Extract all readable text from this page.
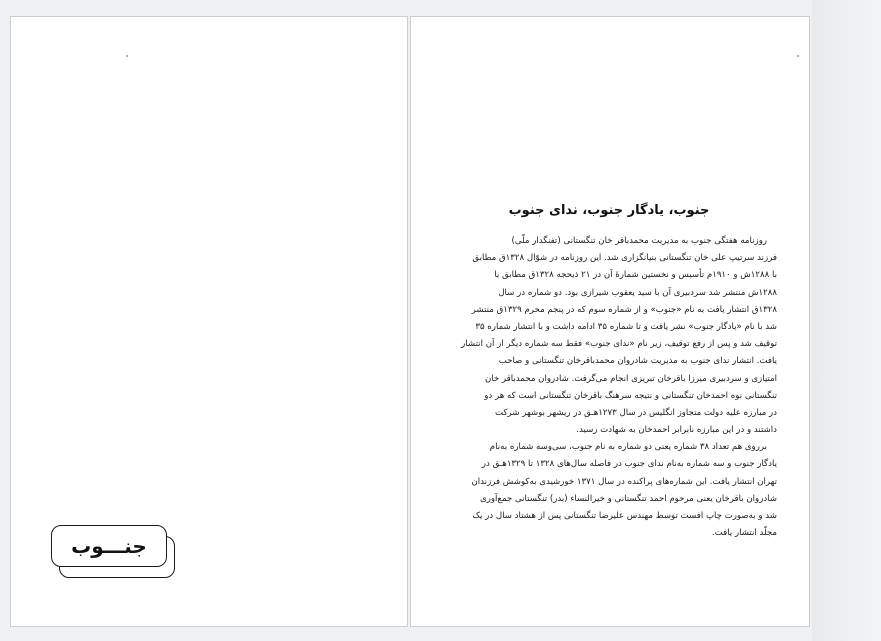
جنـــوب
جنوب، یادگار جنوب، ندای جنوب
روزنامه هفتگی جنوب به مدیریت محمدباقر خان تنگستانی (تفنگدار ملّی)
فرزند سرتیپ علی خان تنگستانی بنیانگزاری شد. این روزنامه در شوّال ۱۳۲۸ق مطابق
با ۱۲۸۸ش و ۱۹۱۰م تأسیس و نخستین شمارهٔ آن در ۲۱ ذیحجه ۱۳۲۸ق مطابق با
۱۲۸۸ش منتشر شد سردبیری آن با سید یعقوب شیرازی بود. دو شماره در سال
۱۳۲۸ق انتشار یافت به نام «جنوب» و از شماره سوم که در پنجم محرم ۱۳۲۹ق منتشر
شد با نام «یادگار جنوب» نشر یافت و تا شماره ۳۵ ادامه داشت و با انتشار شماره ۳۵
توقیف شد و پس از رفع توقیف، زیر نام «ندای جنوب» فقط سه شماره دیگر از آن انتشار
یافت. انتشار ندای جنوب به مدیریت شادروان محمدباقرخان تنگستانی و صاحب
امتیازی و سردبیری میرزا باقرخان تبریزی انجام می‌گرفت. شادروان محمدباقر خان
تنگستانی نوه احمدخان تنگستانی و نتیجه سرهنگ باقرخان تنگستانی است که هر دو
در مبارزه علیه دولت متجاوز انگلیس در سال ۱۲۷۳هـق در ریشهر بوشهر شرکت
داشتند و در این مبارزه نابرابر احمدخان به شهادت رسید.
برروی هم تعداد ۳۸ شماره یعنی دو شماره به نام جنوب، سی‌وسه شماره به‌نام
یادگار جنوب و سه شماره به‌نام ندای جنوب در فاصله سال‌های ۱۳۲۸ تا ۱۳۲۹هـق در
تهران انتشار یافت. این شماره‌های پراکنده در سال ۱۳۷۱ خورشیدی به‌کوشش فرزندان
شادروان باقرخان یعنی مرحوم احمد تنگستانی و خیرالنساء (بدر) تنگستانی جمع‌آوری
شد و به‌صورت چاپ افست توسط مهندس علیرضا تنگستانی پس از هشتاد سال در یک
مجلّد انتشار یافت.
